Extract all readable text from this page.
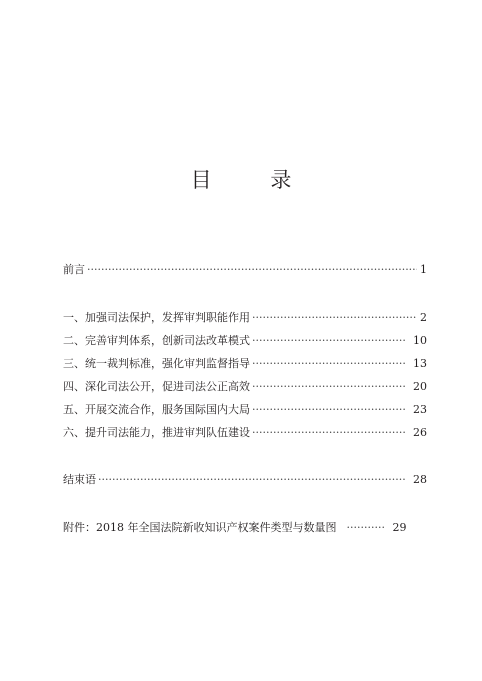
目 录
前言 ·····	1
一、加强司法保护，发挥审判职能作用 ·····	2
二、完善审判体系，创新司法改革模式 ·····	10
三、统一裁判标准，强化审判监督指导 ·····	13
四、深化司法公开，促进司法公正高效 ·····	20
五、开展交流合作，服务国际国内大局 ·····	23
六、提升司法能力，推进审判队伍建设 ·····	26
结束语 ·····	28
附件：2018 年全国法院新收知识产权案件类型与数量图 ·····	29
